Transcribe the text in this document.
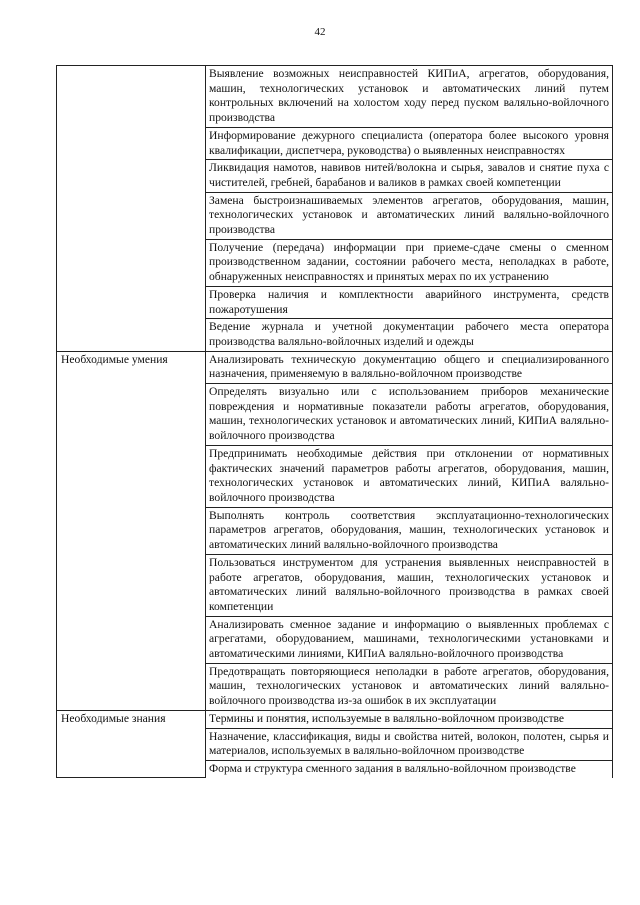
42
	Выявление возможных неисправностей КИПиА, агрегатов, оборудования, машин, технологических установок и автоматических линий путем контрольных включений на холостом ходу перед пуском валяльно-войлочного производства
	Информирование дежурного специалиста (оператора более высокого уровня квалификации, диспетчера, руководства) о выявленных неисправностях
	Ликвидация намотов, навивов нитей/волокна и сырья, завалов и снятие пуха с чистителей, гребней, барабанов и валиков в рамках своей компетенции
	Замена быстроизнашиваемых элементов агрегатов, оборудования, машин, технологических установок и автоматических линий валяльно-войлочного производства
	Получение (передача) информации при приеме-сдаче смены о сменном производственном задании, состоянии рабочего места, неполадках в работе, обнаруженных неисправностях и принятых мерах по их устранению
	Проверка наличия и комплектности аварийного инструмента, средств пожаротушения
	Ведение журнала и учетной документации рабочего места оператора производства валяльно-войлочных изделий и одежды
Необходимые умения	Анализировать техническую документацию общего и специализированного назначения, применяемую в валяльно-войлочном производстве
	Определять визуально или с использованием приборов механические повреждения и нормативные показатели работы агрегатов, оборудования, машин, технологических установок и автоматических линий, КИПиА валяльно-войлочного производства
	Предпринимать необходимые действия при отклонении от нормативных фактических значений параметров работы агрегатов, оборудования, машин, технологических установок и автоматических линий, КИПиА валяльно-войлочного производства
	Выполнять контроль соответствия эксплуатационно-технологических параметров агрегатов, оборудования, машин, технологических установок и автоматических линий валяльно-войлочного производства
	Пользоваться инструментом для устранения выявленных неисправностей в работе агрегатов, оборудования, машин, технологических установок и автоматических линий валяльно-войлочного производства в рамках своей компетенции
	Анализировать сменное задание и информацию о выявленных проблемах с агрегатами, оборудованием, машинами, технологическими установками и автоматическими линиями, КИПиА валяльно-войлочного производства
	Предотвращать повторяющиеся неполадки в работе агрегатов, оборудования, машин, технологических установок и автоматических линий валяльно-войлочного производства из-за ошибок в их эксплуатации
Необходимые знания	Термины и понятия, используемые в валяльно-войлочном производстве
	Назначение, классификация, виды и свойства нитей, волокон, полотен, сырья и материалов, используемых в валяльно-войлочном производстве
	Форма и структура сменного задания в валяльно-войлочном производстве
